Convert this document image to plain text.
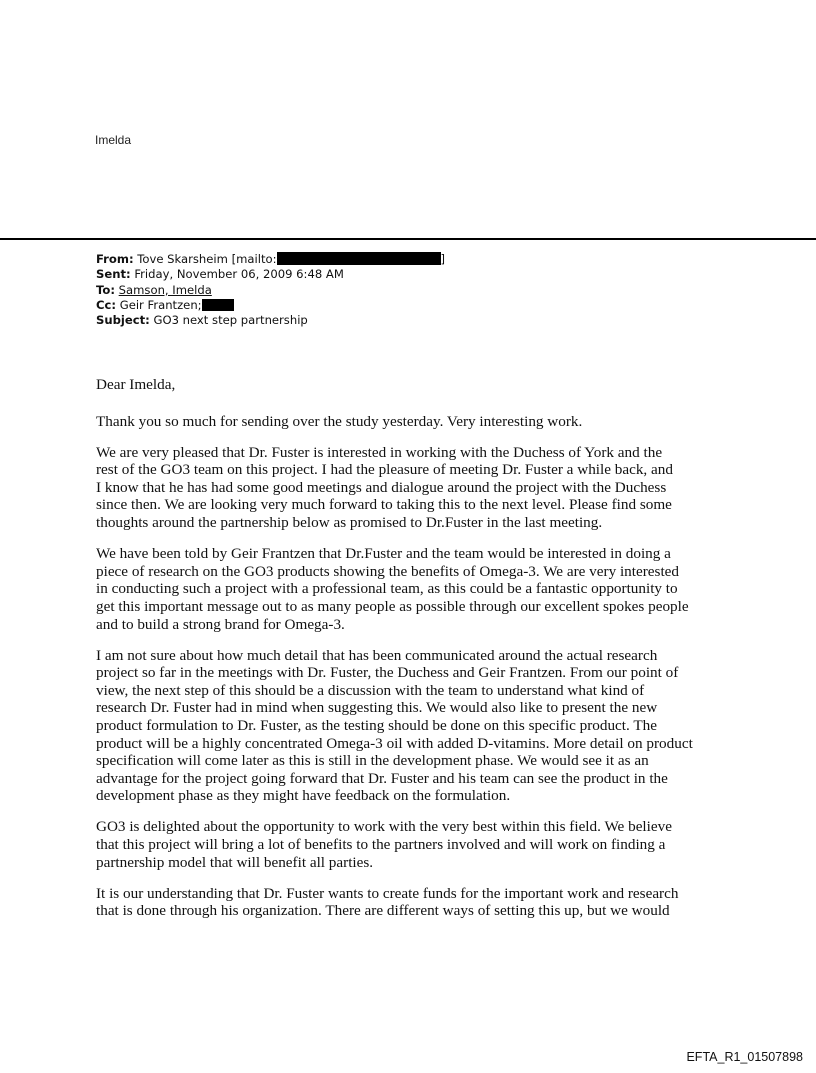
Imelda
From: Tove Skarsheim [mailto:	]
Sent: Friday, November 06, 2009 6:48 AM
To: Samson, Imelda
Cc: Geir Frantzen;
Subject: GO3 next step partnership

Dear Imelda,

Thank you so much for sending over the study yesterday. Very interesting work.

We are very pleased that Dr. Fuster is interested in working with the Duchess of York and the
rest of the GO3 team on this project. I had the pleasure of meeting Dr. Fuster a while back, and
I know that he has had some good meetings and dialogue around the project with the Duchess
since then. We are looking very much forward to taking this to the next level. Please find some
thoughts around the partnership below as promised to Dr.Fuster in the last meeting.

We have been told by Geir Frantzen that Dr.Fuster and the team would be interested in doing a
piece of research on the GO3 products showing the benefits of Omega-3. We are very interested
in conducting such a project with a professional team, as this could be a fantastic opportunity to
get this important message out to as many people as possible through our excellent spokes people
and to build a strong brand for Omega-3.

I am not sure about how much detail that has been communicated around the actual research
project so far in the meetings with Dr. Fuster, the Duchess and Geir Frantzen. From our point of
view, the next step of this should be a discussion with the team to understand what kind of
research Dr. Fuster had in mind when suggesting this. We would also like to present the new
product formulation to Dr. Fuster, as the testing should be done on this specific product. The
product will be a highly concentrated Omega-3 oil with added D-vitamins. More detail on product
specification will come later as this is still in the development phase. We would see it as an
advantage for the project going forward that Dr. Fuster and his team can see the product in the
development phase as they might have feedback on the formulation.

GO3 is delighted about the opportunity to work with the very best within this field. We believe
that this project will bring a lot of benefits to the partners involved and will work on finding a
partnership model that will benefit all parties.

It is our understanding that Dr. Fuster wants to create funds for the important work and research
that is done through his organization. There are different ways of setting this up, but we would

EFTA_R1_01507898
